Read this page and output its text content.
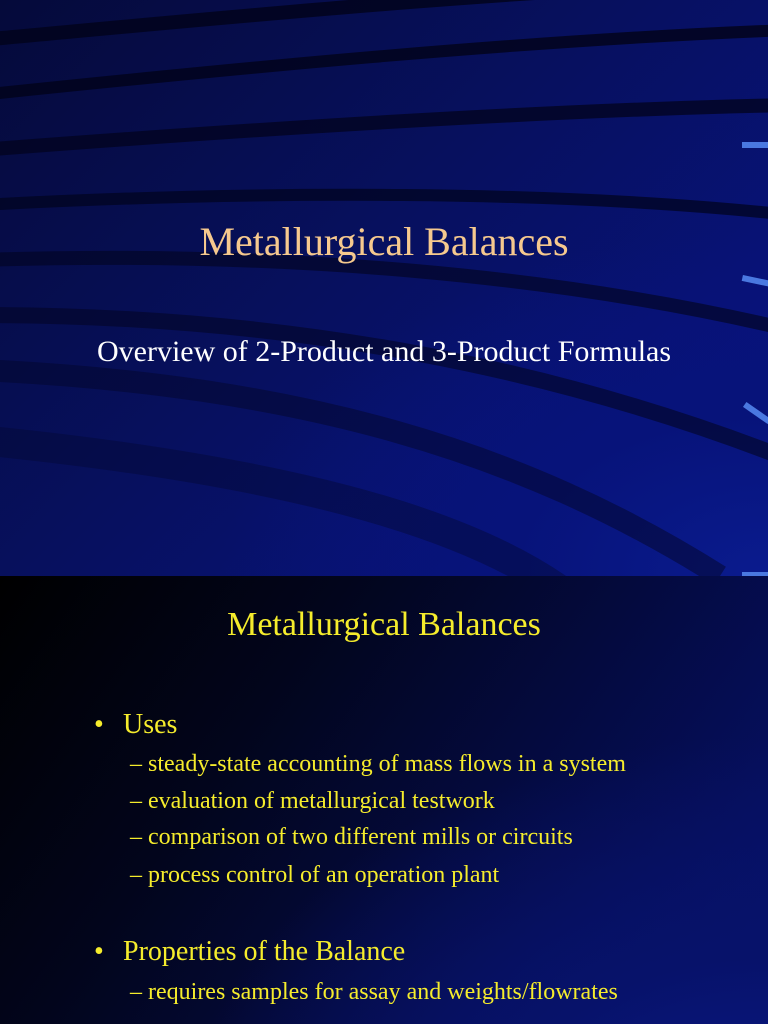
Metallurgical Balances
Overview of 2-Product and 3-Product Formulas
Metallurgical Balances
• Uses
– steady-state accounting of mass flows in a system
– evaluation of metallurgical testwork
– comparison of two different mills or circuits
– process control of an operation plant
• Properties of the Balance
– requires samples for assay and weights/flowrates
